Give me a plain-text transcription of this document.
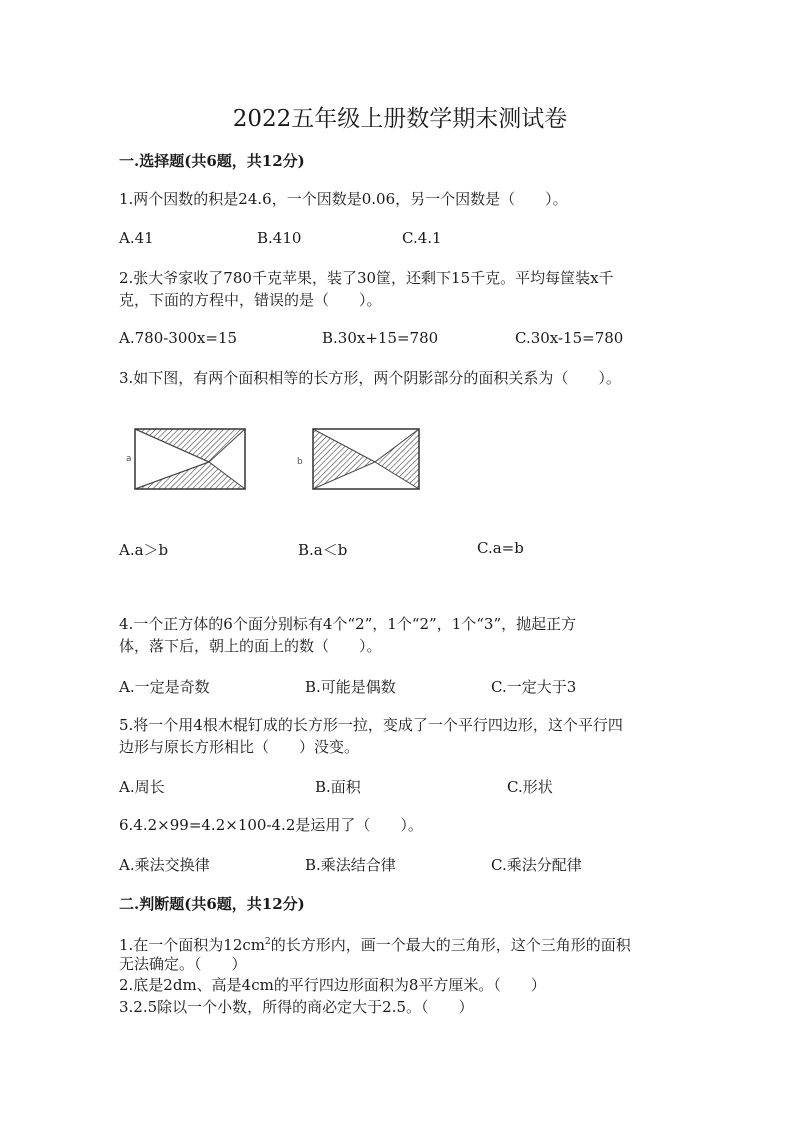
2022五年级上册数学期末测试卷
一.选择题(共6题，共12分)
1.两个因数的积是24.6，一个因数是0.06，另一个因数是（　　）。
A.41	B.410	C.4.1
2.张大爷家收了780千克苹果，装了30筐，还剩下15千克。平均每筐装x千
克，下面的方程中，错误的是（　　）。
A.780-300x=15	B.30x+15=780	C.30x-15=780
3.如下图，有两个面积相等的长方形，两个阴影部分的面积关系为（　　）。
a	b
A.a＞b	B.a＜b	C.a=b
4.一个正方体的6个面分别标有4个“2”，1个“2”，1个“3”，抛起正方
体，落下后，朝上的面上的数（　　）。
A.一定是奇数	B.可能是偶数	C.一定大于3
5.将一个用4根木棍钉成的长方形一拉，变成了一个平行四边形，这个平行四
边形与原长方形相比（　　）没变。
A.周长	B.面积	C.形状
6.4.2×99=4.2×100-4.2是运用了（　　）。
A.乘法交换律	B.乘法结合律	C.乘法分配律
二.判断题(共6题，共12分)
1.在一个面积为$12cm^2$的长方形内，画一个最大的三角形，这个三角形的面积
无法确定。（　　）
2.底是2dm、高是4cm的平行四边形面积为8平方厘米。（　　）
3.2.5除以一个小数，所得的商必定大于2.5。（　　）
